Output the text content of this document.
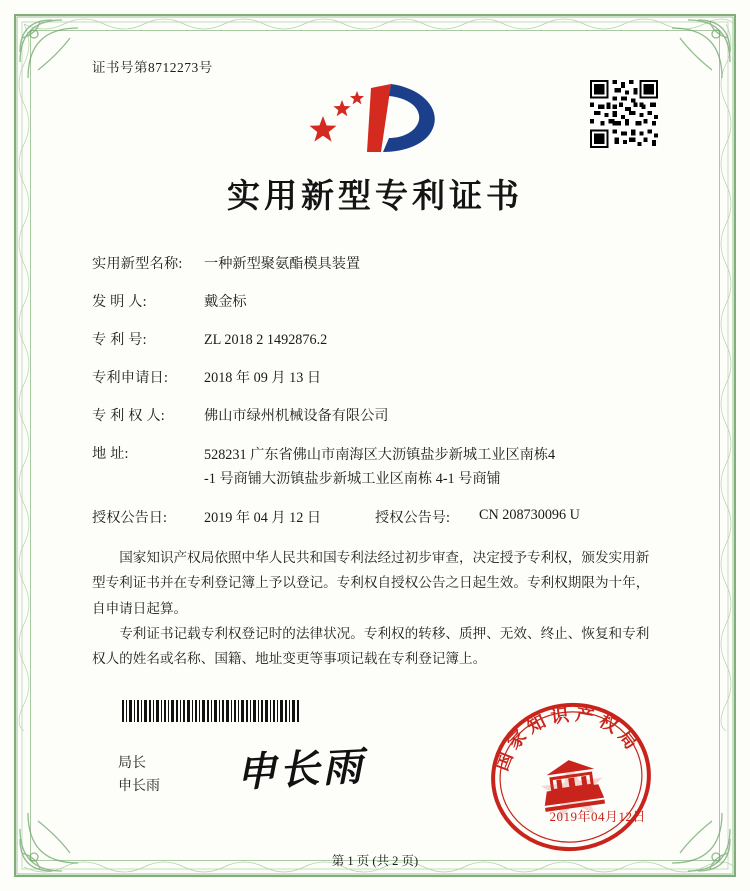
证书号第8712273号
实用新型专利证书
实用新型名称:	一种新型聚氨酯模具装置
发 明 人:	戴金标
专 利 号:	ZL 2018 2 1492876.2
专利申请日:	2018 年 09 月 13 日
专 利 权 人:	佛山市绿州机械设备有限公司
地 址:	528231 广东省佛山市南海区大沥镇盐步新城工业区南栋4
-1 号商铺大沥镇盐步新城工业区南栋 4-1 号商铺
授权公告日:	2019 年 04 月 12 日	授权公告号:	CN 208730096 U

国家知识产权局依照中华人民共和国专利法经过初步审查，决定授予专利权，颁发实用新型专利证书并在专利登记簿上予以登记。专利权自授权公告之日起生效。专利权期限为十年，自申请日起算。

专利证书记载专利权登记时的法律状况。专利权的转移、质押、无效、终止、恢复和专利权人的姓名或名称、国籍、地址变更等事项记载在专利登记簿上。

局长
申长雨 申长雨	国家知识产权局
2019年04月12日
第 1 页 (共 2 页)
